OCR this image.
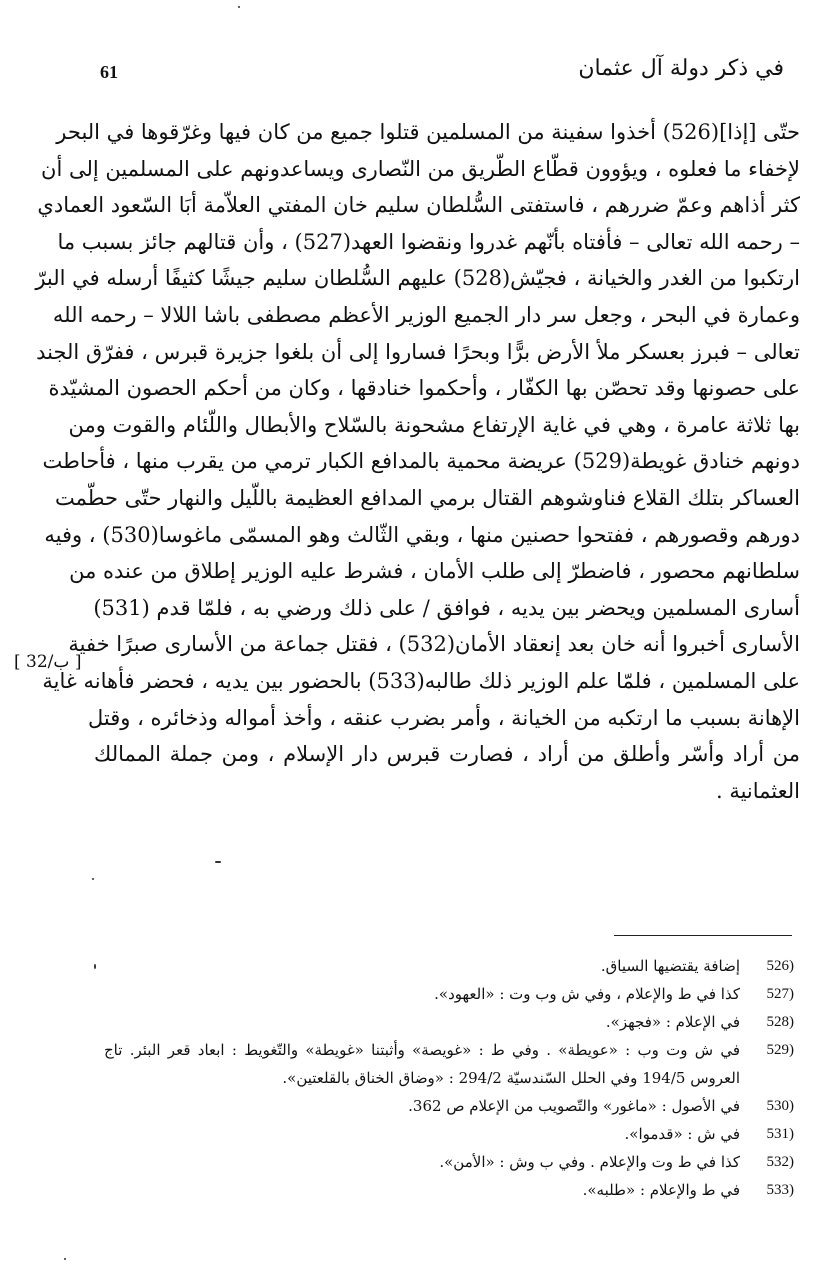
في ذكر دولة آل عثمان
61
حتّى [إذا](526) أخذوا سفينة من المسلمين قتلوا جميع من كان فيها وغرّقوها في البحر
لإخفاء ما فعلوه ، ويؤوون قطّاع الطّريق من النّصارى ويساعدونهم على المسلمين إلى أن
كثر أذاهم وعمّ ضررهم ، فاستفتى السُّلطان سليم خان المفتي العلاّمة أبَا السّعود العمادي
– رحمه الله تعالى – فأفتاه بأنّهم غدروا ونقضوا العهد(527) ، وأن قتالهم جائز بسبب ما
ارتكبوا من الغدر والخيانة ، فجيّش(528) عليهم السُّلطان سليم جيشًا كثيفًا أرسله في البرّ
وعمارة في البحر ، وجعل سر دار الجميع الوزير الأعظم مصطفى باشا اللالا – رحمه الله
تعالى – فبرز بعسكر ملأ الأرض برًّا وبحرًا فساروا إلى أن بلغوا جزيرة قبرس ، ففرّق الجند
على حصونها وقد تحصّن بها الكفّار ، وأحكموا خنادقها ، وكان من أحكم الحصون المشيّدة
بها ثلاثة عامرة ، وهي في غاية الإرتفاع مشحونة بالسّلاح والأبطال واللّئام والقوت ومن
دونهم خنادق غويطة(529) عريضة محمية بالمدافع الكبار ترمي من يقرب منها ، فأحاطت
العساكر بتلك القلاع فناوشوهم القتال برمي المدافع العظيمة باللّيل والنهار حتّى حطّمت
دورهم وقصورهم ، ففتحوا حصنين منها ، وبقي الثّالث وهو المسمّى ماغوسا(530) ، وفيه
سلطانهم محصور ، فاضطرّ إلى طلب الأمان ، فشرط عليه الوزير إطلاق من عنده من
أسارى المسلمين ويحضر بين يديه ، فوافق / على ذلك ورضي به ، فلمّا قدم (531)
الأسارى أخبروا أنه خان بعد إنعقاد الأمان(532) ، فقتل جماعة من الأسارى صبرًا خفية
على المسلمين ، فلمّا علم الوزير ذلك طالبه(533) بالحضور بين يديه ، فحضر فأهانه غاية
الإهانة بسبب ما ارتكبه من الخيانة ، وأمر بضرب عنقه ، وأخذ أمواله وذخائره ، وقتل
من أراد وأسّر وأطلق من أراد ، فصارت قبرس دار الإسلام ، ومن جملة الممالك
العثمانية .
[ 32/ب ]
526)
إضافة يقتضيها السياق.
527)
كذا في ط والإعلام ، وفي ش وب وت : «العهود».
528)
في الإعلام : «فجهز».
529)
في ش وت وب : «عويطة» . وفي ط : «غويصة» وأثبتنا «غويطة» والتّغويط : ابعاد قعر البئر. تاج العروس 194/5 وفي الحلل السّندسيّة 294/2 : «وضاق الخناق بالقلعتين».
530)
في الأصول : «ماغور» والتّصويب من الإعلام ص 362.
531)
في ش : «قدموا».
532)
كذا في ط وت والإعلام . وفي ب وش : «الأمن».
533)
في ط والإعلام : «طلبه».
